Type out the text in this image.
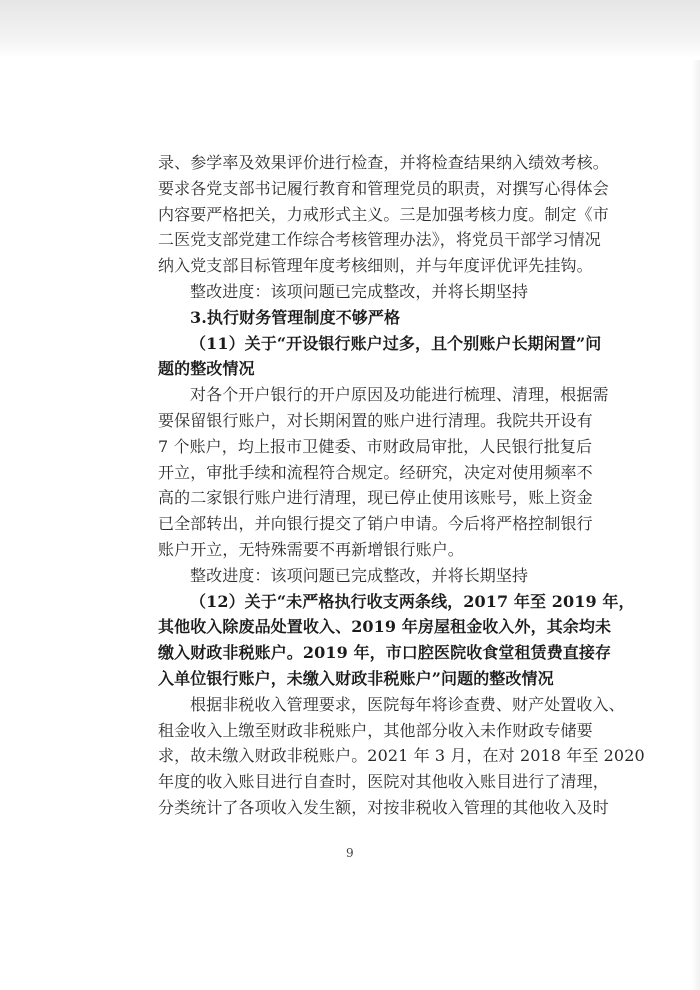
录、参学率及效果评价进行检查，并将检查结果纳入绩效考核。
要求各党支部书记履行教育和管理党员的职责，对撰写心得体会
内容要严格把关，力戒形式主义。三是加强考核力度。制定《市
二医党支部党建工作综合考核管理办法》，将党员干部学习情况
纳入党支部目标管理年度考核细则，并与年度评优评先挂钩。
整改进度：该项问题已完成整改，并将长期坚持
3.执行财务管理制度不够严格
（11）关于“开设银行账户过多，且个别账户长期闲置”问
题的整改情况
对各个开户银行的开户原因及功能进行梳理、清理，根据需
要保留银行账户，对长期闲置的账户进行清理。我院共开设有
7 个账户，均上报市卫健委、市财政局审批，人民银行批复后
开立，审批手续和流程符合规定。经研究，决定对使用频率不
高的二家银行账户进行清理，现已停止使用该账号，账上资金
已全部转出，并向银行提交了销户申请。今后将严格控制银行
账户开立，无特殊需要不再新增银行账户。
整改进度：该项问题已完成整改，并将长期坚持
（12）关于“未严格执行收支两条线，2017 年至 2019 年，
其他收入除废品处置收入、2019 年房屋租金收入外，其余均未
缴入财政非税账户。2019 年，市口腔医院收食堂租赁费直接存
入单位银行账户，未缴入财政非税账户”问题的整改情况
根据非税收入管理要求，医院每年将诊查费、财产处置收入、
租金收入上缴至财政非税账户，其他部分收入未作财政专储要
求，故未缴入财政非税账户。2021 年 3 月，在对 2018 年至 2020
年度的收入账目进行自查时，医院对其他收入账目进行了清理，
分类统计了各项收入发生额，对按非税收入管理的其他收入及时
9
